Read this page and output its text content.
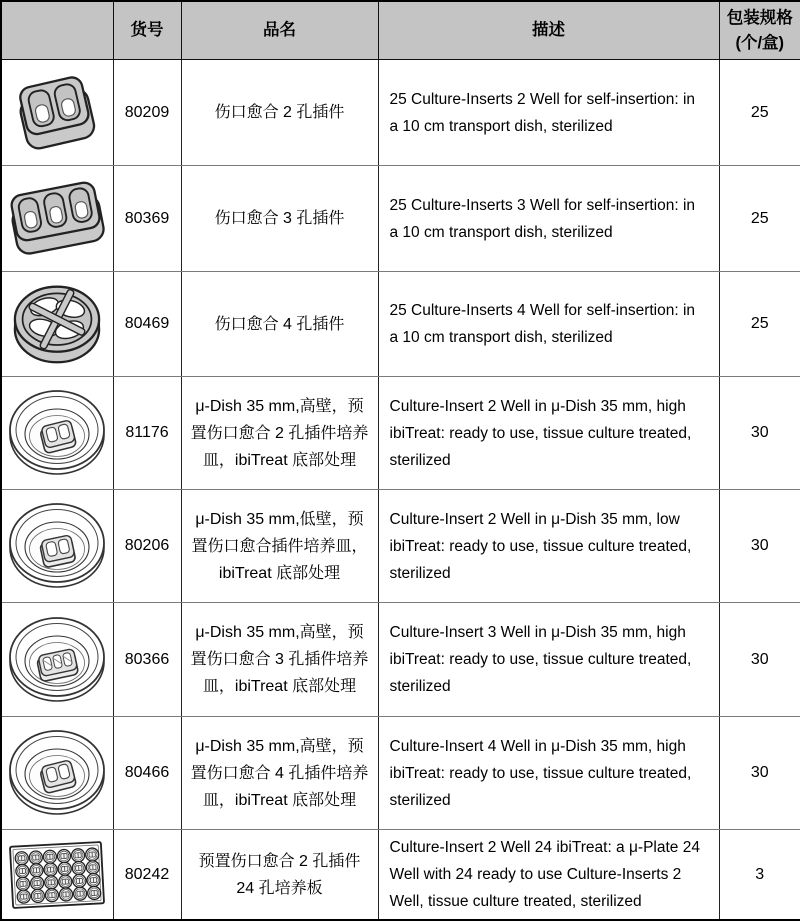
	货号	品名	描述	包装规格
(个/盒)

	80209	伤口愈合 2 孔插件	25 Culture-Inserts 2 Well for self-insertion: in a 10 cm transport dish, sterilized	25

	80369	伤口愈合 3 孔插件	25 Culture-Inserts 3 Well for self-insertion: in a 10 cm transport dish, sterilized	25

	80469	伤口愈合 4 孔插件	25 Culture-Inserts 4 Well for self-insertion: in a 10 cm transport dish, sterilized	25

	81176	μ-Dish 35 mm,高壁，预置伤口愈合 2 孔插件培养皿，ibiTreat 底部处理	Culture-Insert 2 Well in μ-Dish 35 mm, high ibiTreat: ready to use, tissue culture treated, sterilized	30

	80206	μ-Dish 35 mm,低壁，预置伤口愈合插件培养皿，ibiTreat 底部处理	Culture-Insert 2 Well in μ-Dish 35 mm, low ibiTreat: ready to use, tissue culture treated, sterilized	30

	80366	μ-Dish 35 mm,高壁，预置伤口愈合 3 孔插件培养皿，ibiTreat 底部处理	Culture-Insert 3 Well in μ-Dish 35 mm, high ibiTreat: ready to use, tissue culture treated, sterilized	30

	80466	μ-Dish 35 mm,高壁，预置伤口愈合 4 孔插件培养皿，ibiTreat 底部处理	Culture-Insert 4 Well in μ-Dish 35 mm, high ibiTreat: ready to use, tissue culture treated, sterilized	30

	80242	预置伤口愈合 2 孔插件 24 孔培养板	Culture-Insert 2 Well 24 ibiTreat: a μ-Plate 24 Well with 24 ready to use Culture-Inserts 2 Well, tissue culture treated, sterilized	3
